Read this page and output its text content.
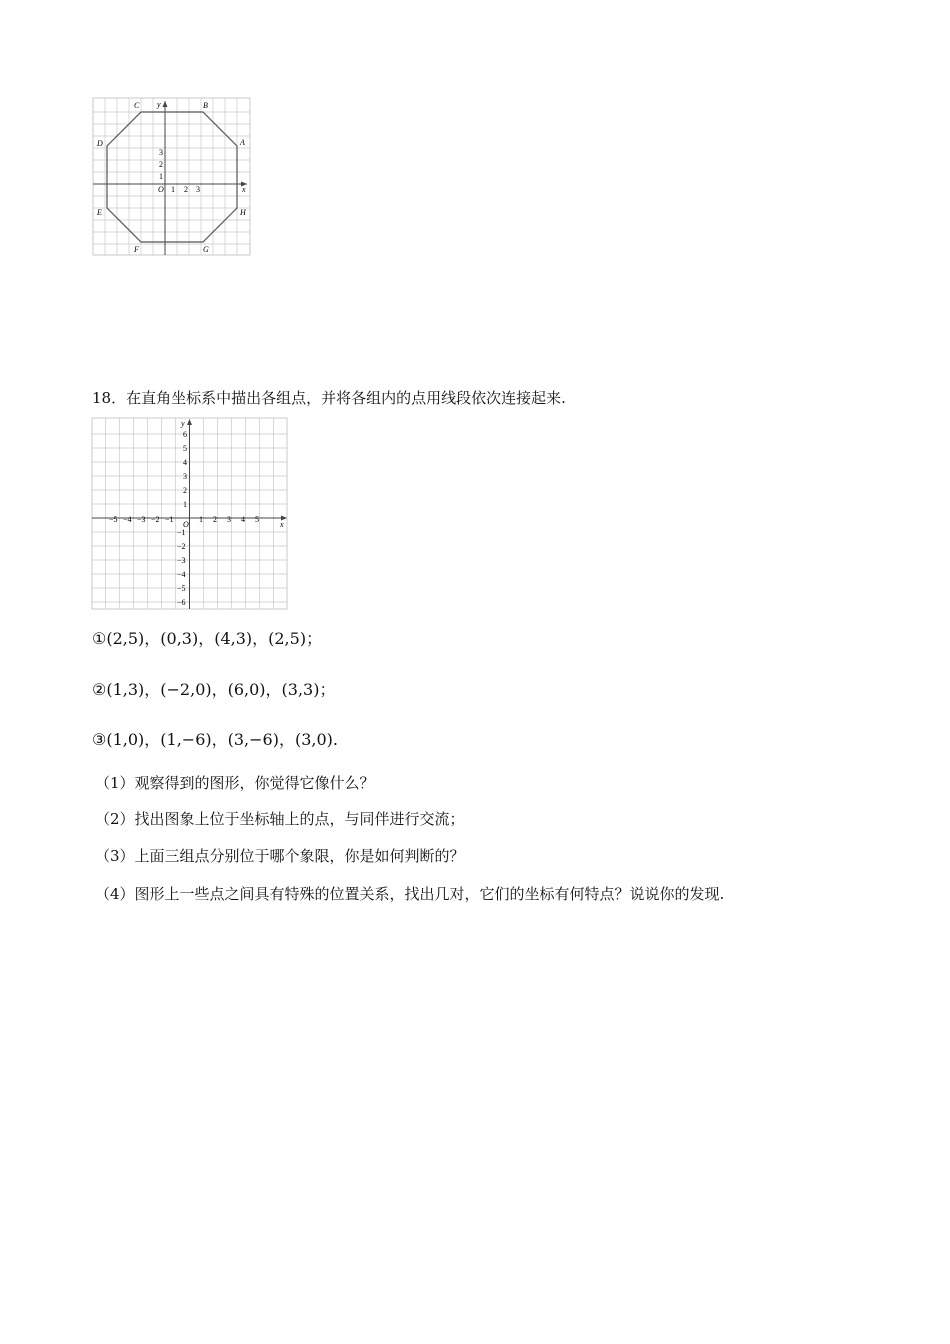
C	B
D	A
E	H
F	G
y
x
O 1 2 3
1
2
3
18．在直角坐标系中描出各组点，并将各组内的点用线段依次连接起来.
y
x
O
−5 −4 −3 −2 −1	1 2 3 4 5
6
5
4
3
2
1
−1
−2
−3
−4
−5
−6
①(2,5)，(0,3)，(4,3)，(2,5)；
②(1,3)，(−2,0)，(6,0)，(3,3)；
③(1,0)，(1,−6)，(3,−6)，(3,0).
（1）观察得到的图形，你觉得它像什么？
（2）找出图象上位于坐标轴上的点，与同伴进行交流；
（3）上面三组点分别位于哪个象限，你是如何判断的？
（4）图形上一些点之间具有特殊的位置关系，找出几对，它们的坐标有何特点？说说你的发现.
